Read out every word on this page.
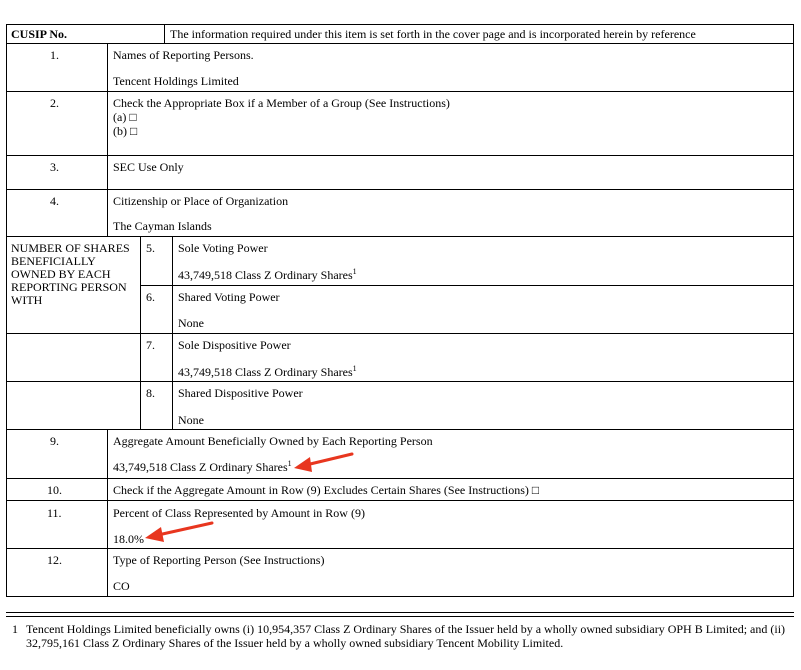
CUSIP No.	The information required under this item is set forth in the cover page and is incorporated herein by reference
1.	Names of Reporting Persons.
Tencent Holdings Limited
2.	Check the Appropriate Box if a Member of a Group (See Instructions)
(a) □
(b) □
3.	SEC Use Only
4.	Citizenship or Place of Organization
The Cayman Islands
NUMBER OF SHARES
BENEFICIALLY
OWNED BY EACH
REPORTING PERSON
WITH
5. Sole Voting Power
43,749,518 Class Z Ordinary Shares$^1$
6. Shared Voting Power
None
7. Sole Dispositive Power
43,749,518 Class Z Ordinary Shares$^1$
8. Shared Dispositive Power
None
9.	Aggregate Amount Beneficially Owned by Each Reporting Person
43,749,518 Class Z Ordinary Shares$^1$
10.	Check if the Aggregate Amount in Row (9) Excludes Certain Shares (See Instructions) □
11.	Percent of Class Represented by Amount in Row (9)
18.0%
12.	Type of Reporting Person (See Instructions)
CO
1 Tencent Holdings Limited beneficially owns (i) 10,954,357 Class Z Ordinary Shares of the Issuer held by a wholly owned subsidiary OPH B Limited; and (ii) 32,795,161 Class Z Ordinary Shares of the Issuer held by a wholly owned subsidiary Tencent Mobility Limited.
